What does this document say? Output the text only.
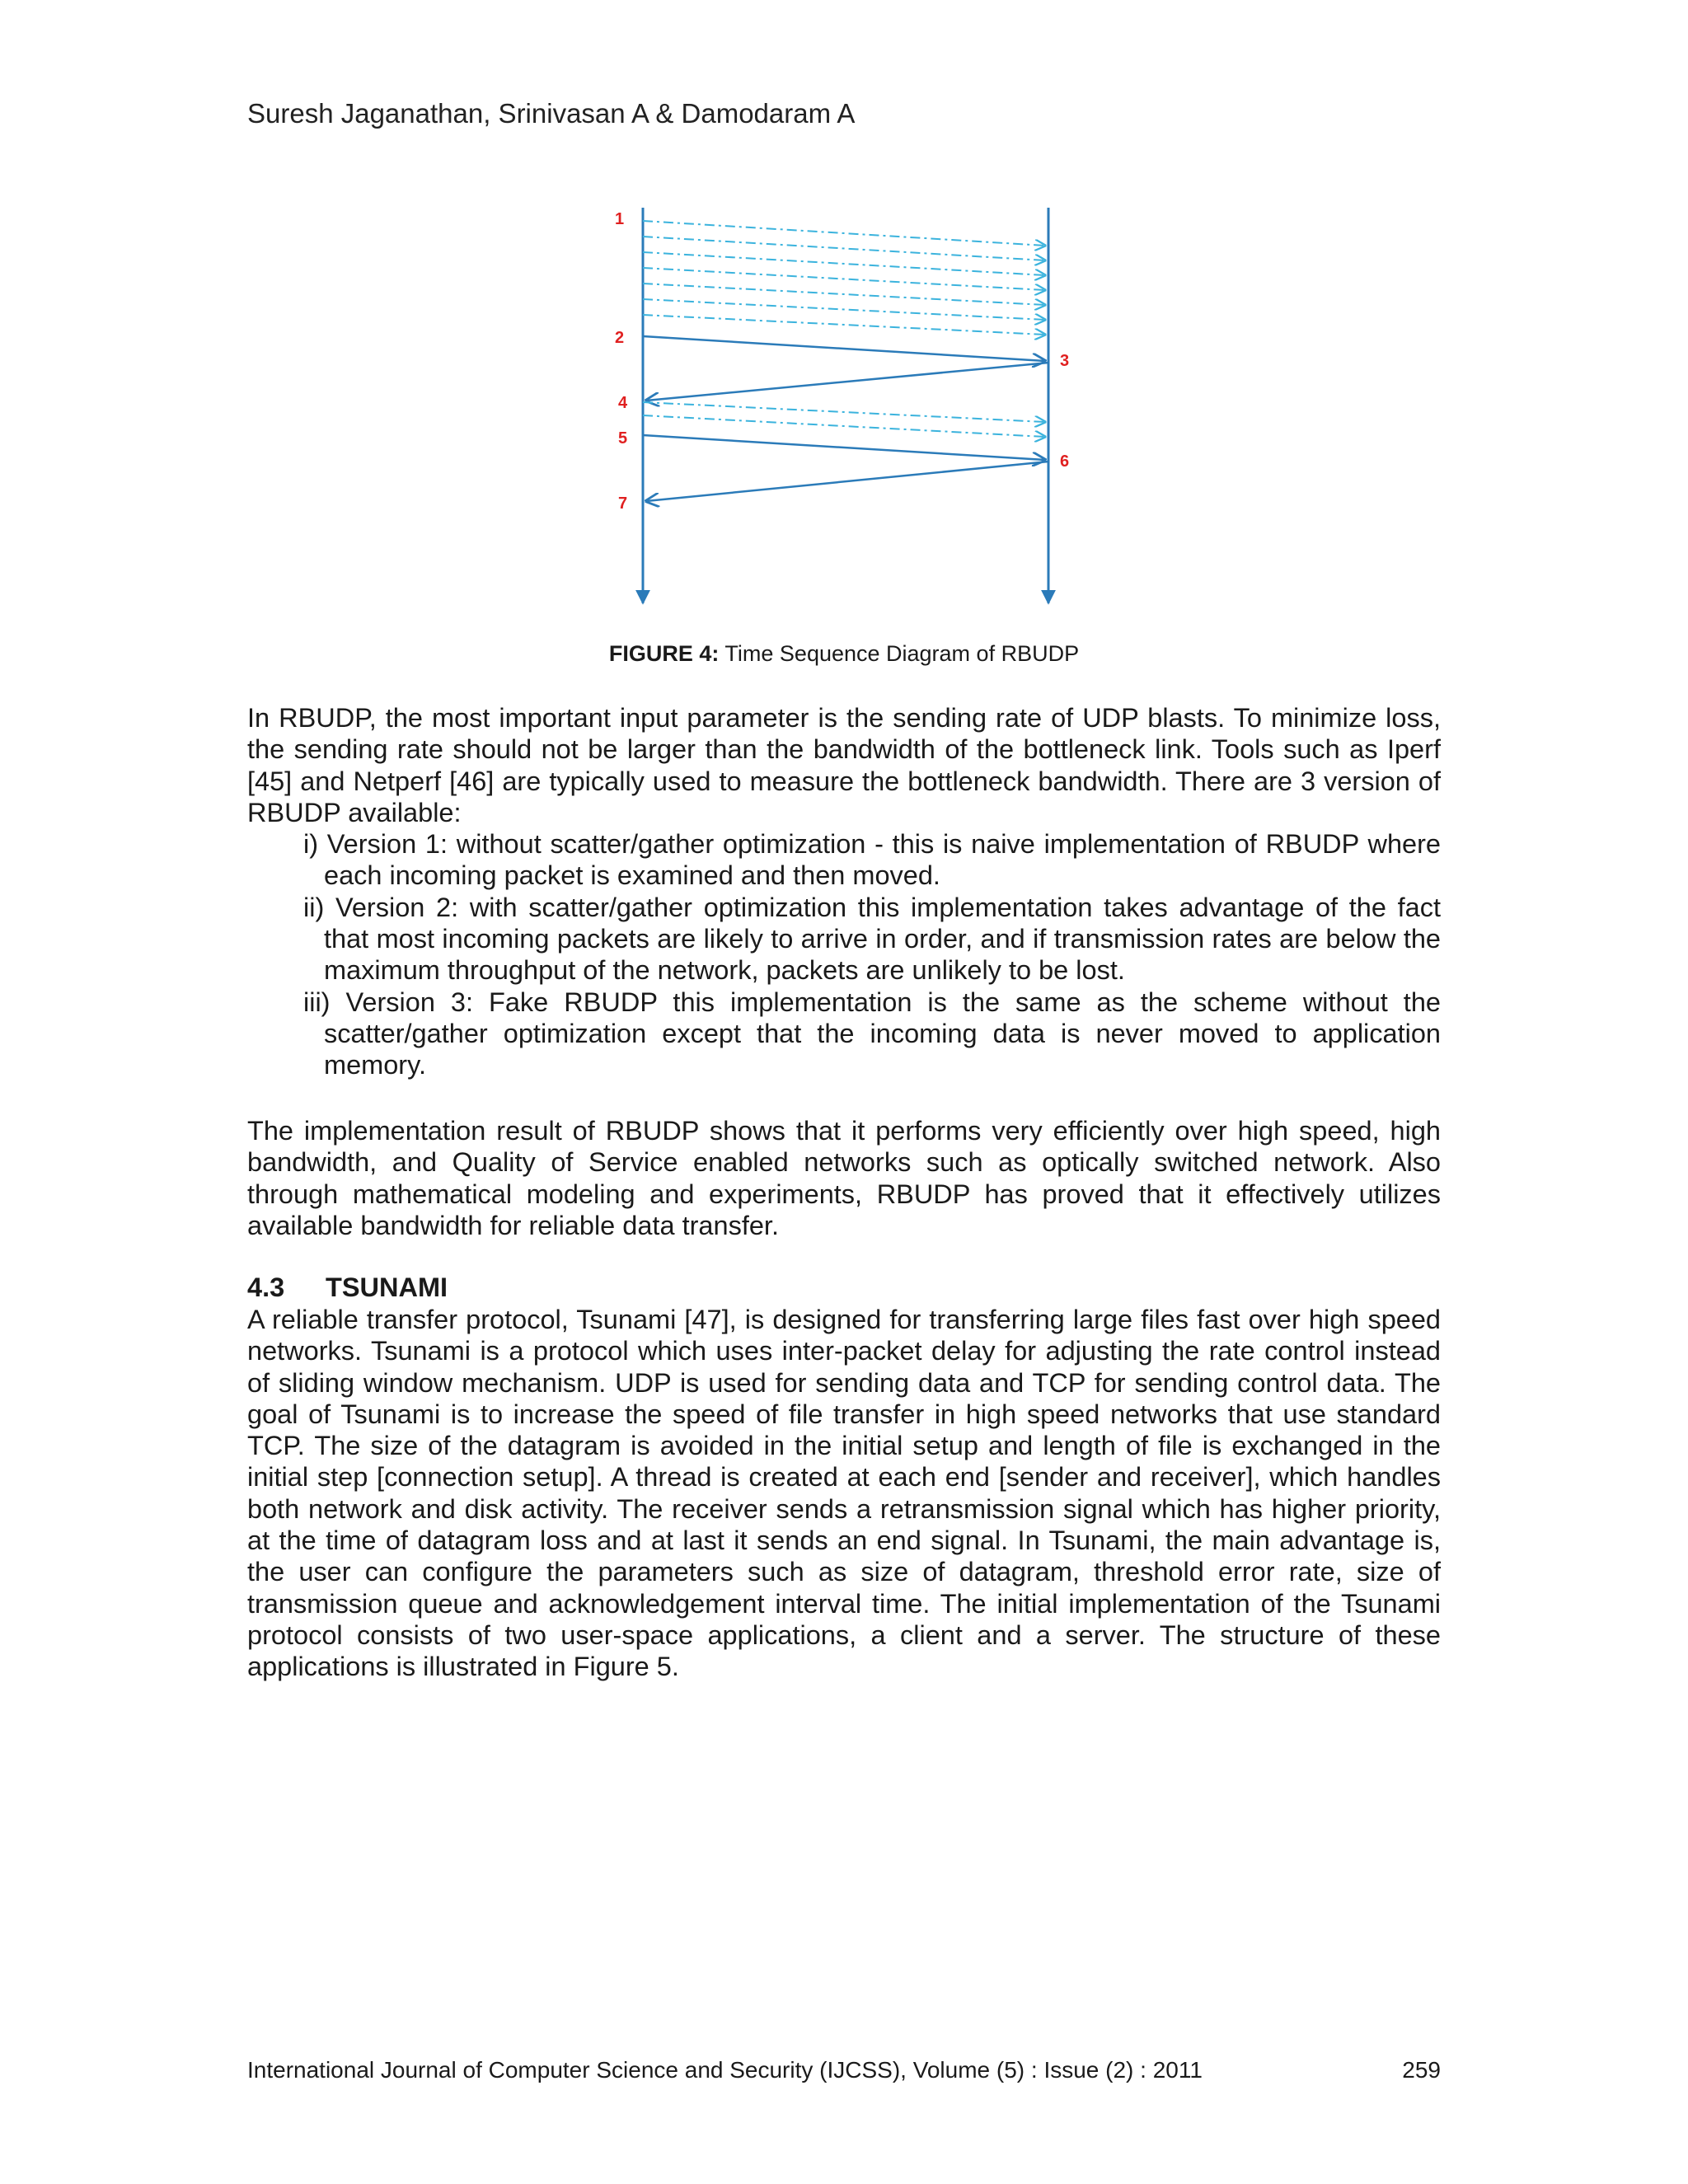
Suresh Jaganathan, Srinivasan A & Damodaram A
1
2
3
4
5
6
7
FIGURE 4: Time Sequence Diagram of RBUDP

In RBUDP, the most important input parameter is the sending rate of UDP blasts. To minimize loss, the sending rate should not be larger than the bandwidth of the bottleneck link. Tools such as Iperf [45] and Netperf [46] are typically used to measure the bottleneck bandwidth. There are 3 version of RBUDP available:

i) Version 1: without scatter/gather optimization - this is naive implementation of RBUDP where each incoming packet is examined and then moved.
ii) Version 2: with scatter/gather optimization this implementation takes advantage of the fact that most incoming packets are likely to arrive in order, and if transmission rates are below the maximum throughput of the network, packets are unlikely to be lost.
iii) Version 3: Fake RBUDP this implementation is the same as the scheme without the scatter/gather optimization except that the incoming data is never moved to application memory.

The implementation result of RBUDP shows that it performs very efficiently over high speed, high bandwidth, and Quality of Service enabled networks such as optically switched network. Also through mathematical modeling and experiments, RBUDP has proved that it effectively utilizes available bandwidth for reliable data transfer.

4.3 TSUNAMI

A reliable transfer protocol, Tsunami [47], is designed for transferring large files fast over high speed networks. Tsunami is a protocol which uses inter-packet delay for adjusting the rate control instead of sliding window mechanism. UDP is used for sending data and TCP for sending control data. The goal of Tsunami is to increase the speed of file transfer in high speed networks that use standard TCP. The size of the datagram is avoided in the initial setup and length of file is exchanged in the initial step [connection setup]. A thread is created at each end [sender and receiver], which handles both network and disk activity. The receiver sends a retransmission signal which has higher priority, at the time of datagram loss and at last it sends an end signal. In Tsunami, the main advantage is, the user can configure the parameters such as size of datagram, threshold error rate, size of transmission queue and acknowledgement interval time. The initial implementation of the Tsunami protocol consists of two user-space applications, a client and a server. The structure of these applications is illustrated in Figure 5.

International Journal of Computer Science and Security (IJCSS), Volume (5) : Issue (2) : 2011	259
